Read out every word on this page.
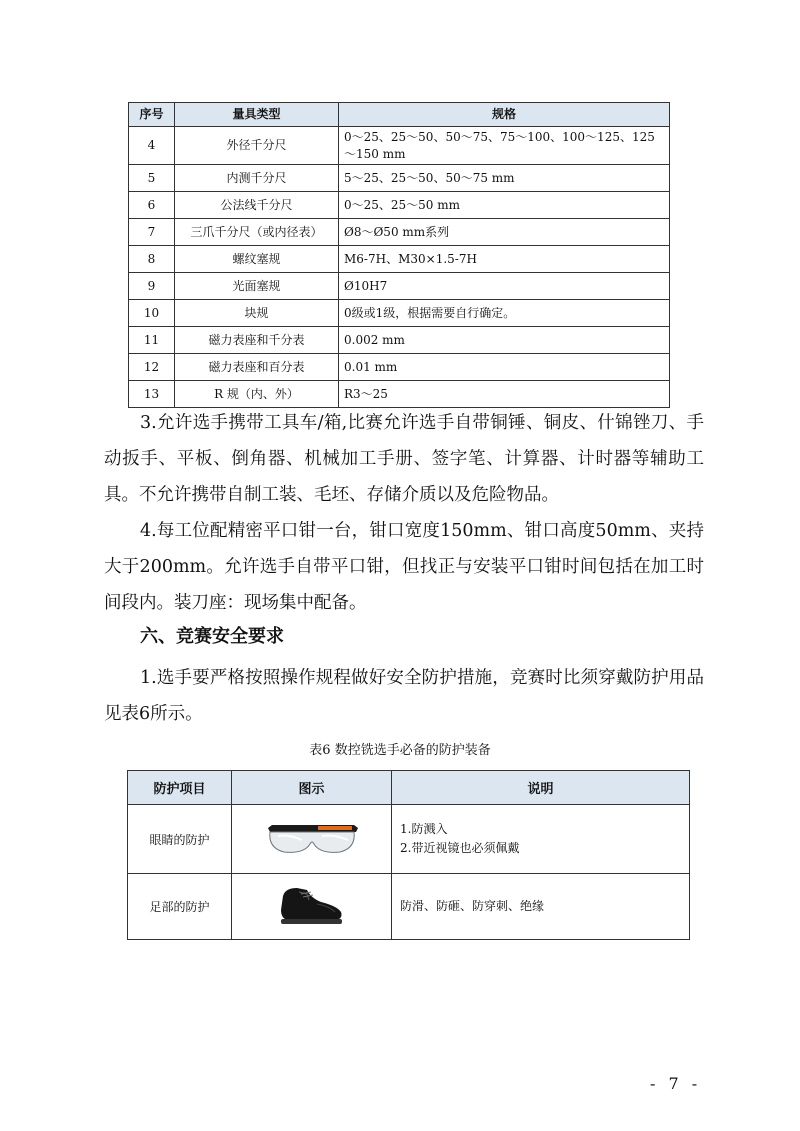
序号	量具类型	规格
4	外径千分尺	0～25、25～50、50～75、75～100、100～125、125～150 mm
5	内测千分尺	5～25、25～50、50～75 mm
6	公法线千分尺	0～25、25～50 mm
7	三爪千分尺（或内径表）	Ø8～Ø50 mm系列
8	螺纹塞规	M6-7H、M30×1.5-7H
9	光面塞规	Ø10H7
10	块规	0级或1级，根据需要自行确定。
11	磁力表座和千分表	0.002 mm
12	磁力表座和百分表	0.01 mm
13	R 规（内、外）	R3～25

3.允许选手携带工具车/箱,比赛允许选手自带铜锤、铜皮、什锦锉刀、手动扳手、平板、倒角器、机械加工手册、签字笔、计算器、计时器等辅助工具。不允许携带自制工装、毛坯、存储介质以及危险物品。

4.每工位配精密平口钳一台，钳口宽度150mm、钳口高度50mm、夹持大于200mm。允许选手自带平口钳，但找正与安装平口钳时间包括在加工时间段内。装刀座：现场集中配备。

六、竞赛安全要求

1.选手要严格按照操作规程做好安全防护措施，竞赛时比须穿戴防护用品见表6所示。

表6 数控铣选手必备的防护装备

防护项目	图示	说明
眼睛的防护		1.防溅入
2.带近视镜也必须佩戴

足部的防护		防滑、防砸、防穿刺、绝缘

- 7 -
